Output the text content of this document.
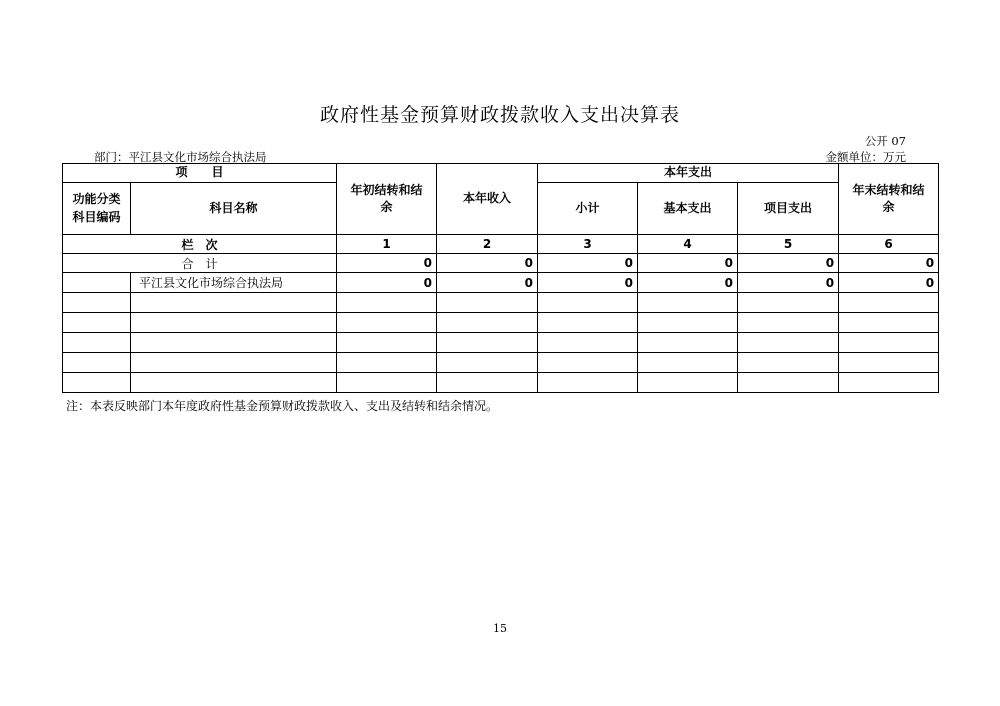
政府性基金预算财政拨款收入支出决算表
公开 07
部门：平江县文化市场综合执法局	金额单位：万元
项　　目		年初结转和结余	本年收入	本年支出			年末结转和结余
功能分类科目编码	科目名称			小计	基本支出	项目支出	
栏　次		1	2	3	4	5	6
合　计		0	0	0	0	0	0
	平江县文化市场综合执法局	0	0	0	0	0	0

注：本表反映部门本年度政府性基金预算财政拨款收入、支出及结转和结余情况。
15
